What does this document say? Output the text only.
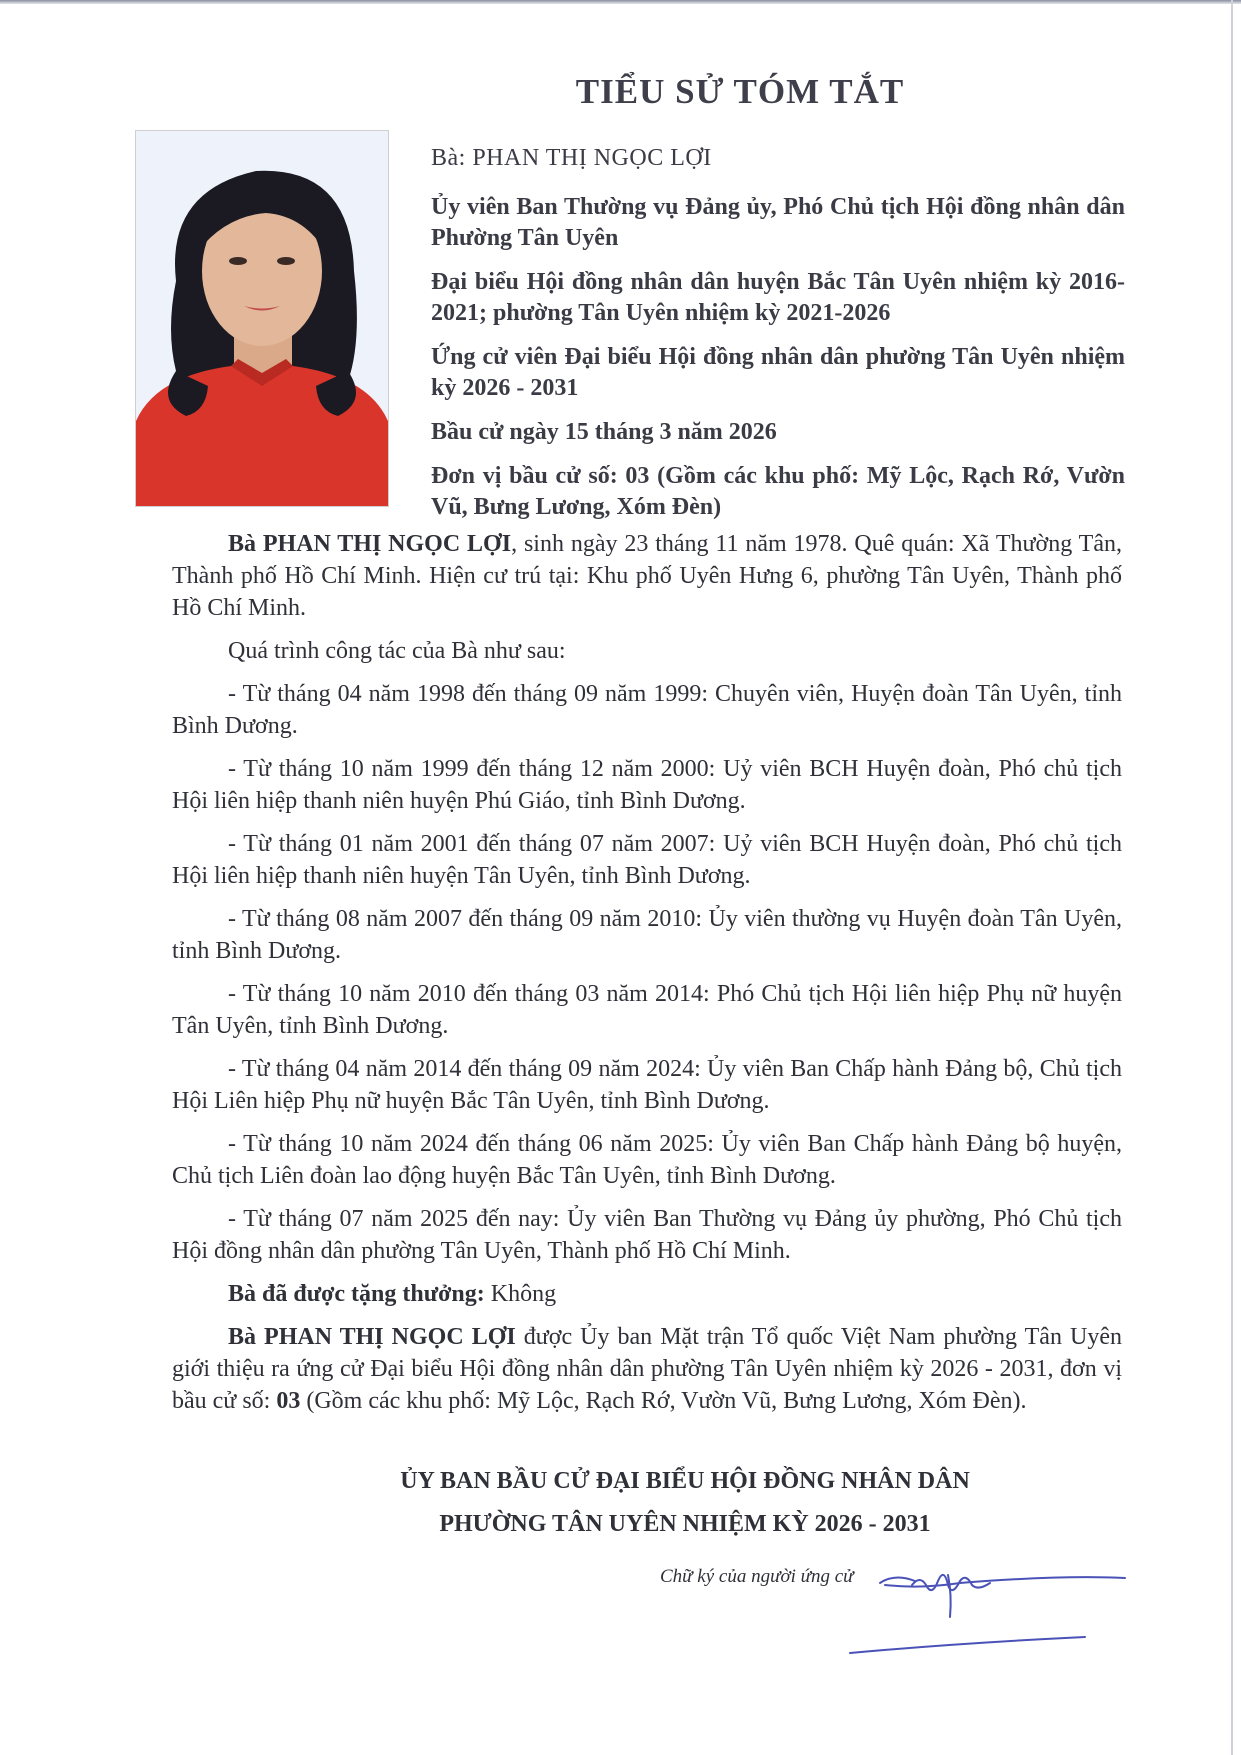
TIỂU SỬ TÓM TẮT

Bà: PHAN THỊ NGỌC LỢI

Ủy viên Ban Thường vụ Đảng ủy, Phó Chủ tịch Hội đồng nhân dân Phường Tân Uyên

Đại biểu Hội đồng nhân dân huyện Bắc Tân Uyên nhiệm kỳ 2016-2021; phường Tân Uyên nhiệm kỳ 2021-2026

Ứng cử viên Đại biểu Hội đồng nhân dân phường Tân Uyên nhiệm kỳ 2026 - 2031

Bầu cử ngày 15 tháng 3 năm 2026

Đơn vị bầu cử số: 03 (Gồm các khu phố: Mỹ Lộc, Rạch Rớ, Vườn Vũ, Bưng Lương, Xóm Đèn)

Bà PHAN THỊ NGỌC LỢI, sinh ngày 23 tháng 11 năm 1978. Quê quán: Xã Thường Tân, Thành phố Hồ Chí Minh. Hiện cư trú tại: Khu phố Uyên Hưng 6, phường Tân Uyên, Thành phố Hồ Chí Minh.

Quá trình công tác của Bà như sau:

- Từ tháng 04 năm 1998 đến tháng 09 năm 1999: Chuyên viên, Huyện đoàn Tân Uyên, tỉnh Bình Dương.

- Từ tháng 10 năm 1999 đến tháng 12 năm 2000: Uỷ viên BCH Huyện đoàn, Phó chủ tịch Hội liên hiệp thanh niên huyện Phú Giáo, tỉnh Bình Dương.

- Từ tháng 01 năm 2001 đến tháng 07 năm 2007: Uỷ viên BCH Huyện đoàn, Phó chủ tịch Hội liên hiệp thanh niên huyện Tân Uyên, tỉnh Bình Dương.

- Từ tháng 08 năm 2007 đến tháng 09 năm 2010: Ủy viên thường vụ Huyện đoàn Tân Uyên, tỉnh Bình Dương.

- Từ tháng 10 năm 2010 đến tháng 03 năm 2014: Phó Chủ tịch Hội liên hiệp Phụ nữ huyện Tân Uyên, tỉnh Bình Dương.

- Từ tháng 04 năm 2014 đến tháng 09 năm 2024: Ủy viên Ban Chấp hành Đảng bộ, Chủ tịch Hội Liên hiệp Phụ nữ huyện Bắc Tân Uyên, tỉnh Bình Dương.

- Từ tháng 10 năm 2024 đến tháng 06 năm 2025: Ủy viên Ban Chấp hành Đảng bộ huyện, Chủ tịch Liên đoàn lao động huyện Bắc Tân Uyên, tỉnh Bình Dương.

- Từ tháng 07 năm 2025 đến nay: Ủy viên Ban Thường vụ Đảng ủy phường, Phó Chủ tịch Hội đồng nhân dân phường Tân Uyên, Thành phố Hồ Chí Minh.

Bà đã được tặng thưởng: Không

Bà PHAN THỊ NGỌC LỢI được Ủy ban Mặt trận Tổ quốc Việt Nam phường Tân Uyên giới thiệu ra ứng cử Đại biểu Hội đồng nhân dân phường Tân Uyên nhiệm kỳ 2026 - 2031, đơn vị bầu cử số: 03 (Gồm các khu phố: Mỹ Lộc, Rạch Rớ, Vườn Vũ, Bưng Lương, Xóm Đèn).

ỦY BAN BẦU CỬ ĐẠI BIỂU HỘI ĐỒNG NHÂN DÂN
PHƯỜNG TÂN UYÊN NHIỆM KỲ 2026 - 2031
Chữ ký của người ứng cử
